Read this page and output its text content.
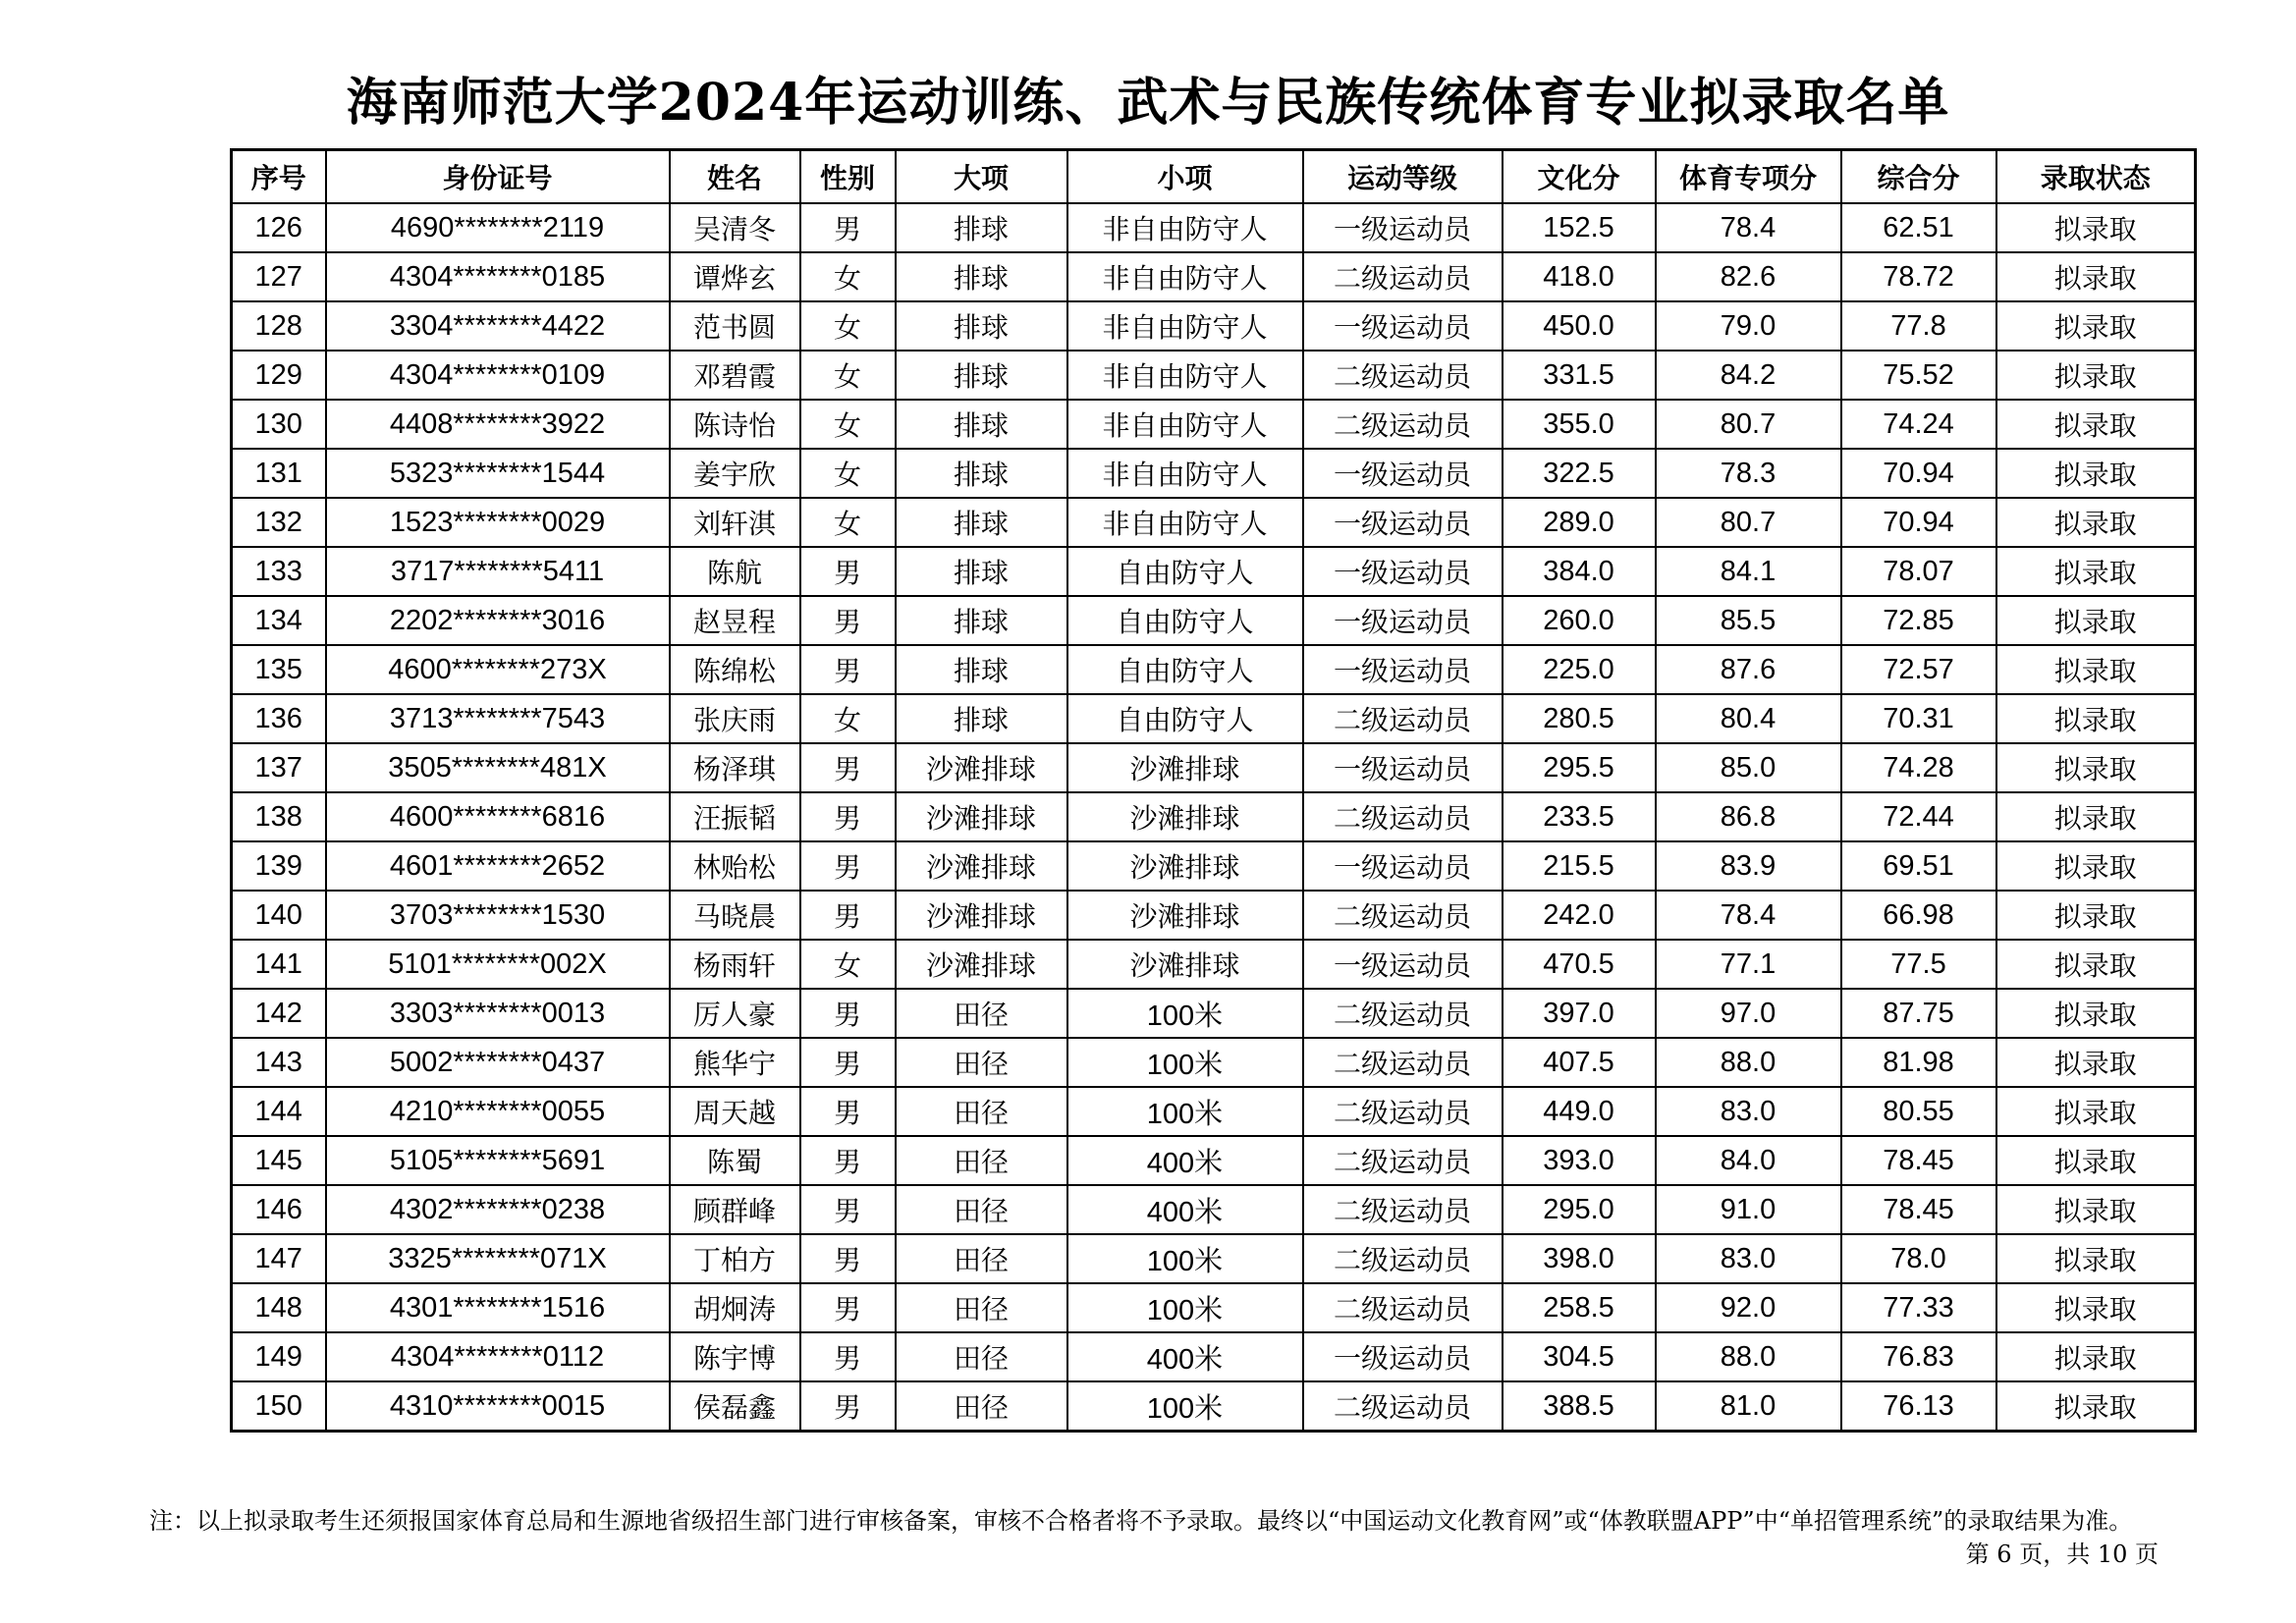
海南师范大学2024年运动训练、武术与民族传统体育专业拟录取名单
序号	身份证号	姓名	性别	大项	小项	运动等级	文化分	体育专项分	综合分	录取状态
126	4690********2119	吴清冬	男	排球	非自由防守人	一级运动员	152.5	78.4	62.51	拟录取
127	4304********0185	谭烨玄	女	排球	非自由防守人	二级运动员	418.0	82.6	78.72	拟录取
128	3304********4422	范书圆	女	排球	非自由防守人	一级运动员	450.0	79.0	77.8	拟录取
129	4304********0109	邓碧霞	女	排球	非自由防守人	二级运动员	331.5	84.2	75.52	拟录取
130	4408********3922	陈诗怡	女	排球	非自由防守人	二级运动员	355.0	80.7	74.24	拟录取
131	5323********1544	姜宇欣	女	排球	非自由防守人	一级运动员	322.5	78.3	70.94	拟录取
132	1523********0029	刘轩淇	女	排球	非自由防守人	一级运动员	289.0	80.7	70.94	拟录取
133	3717********5411	陈航	男	排球	自由防守人	一级运动员	384.0	84.1	78.07	拟录取
134	2202********3016	赵昱程	男	排球	自由防守人	一级运动员	260.0	85.5	72.85	拟录取
135	4600********273X	陈绵松	男	排球	自由防守人	一级运动员	225.0	87.6	72.57	拟录取
136	3713********7543	张庆雨	女	排球	自由防守人	二级运动员	280.5	80.4	70.31	拟录取
137	3505********481X	杨泽琪	男	沙滩排球	沙滩排球	一级运动员	295.5	85.0	74.28	拟录取
138	4600********6816	汪振韬	男	沙滩排球	沙滩排球	二级运动员	233.5	86.8	72.44	拟录取
139	4601********2652	林贻松	男	沙滩排球	沙滩排球	一级运动员	215.5	83.9	69.51	拟录取
140	3703********1530	马晓晨	男	沙滩排球	沙滩排球	二级运动员	242.0	78.4	66.98	拟录取
141	5101********002X	杨雨轩	女	沙滩排球	沙滩排球	一级运动员	470.5	77.1	77.5	拟录取
142	3303********0013	厉人豪	男	田径	100米	二级运动员	397.0	97.0	87.75	拟录取
143	5002********0437	熊华宁	男	田径	100米	二级运动员	407.5	88.0	81.98	拟录取
144	4210********0055	周天越	男	田径	100米	二级运动员	449.0	83.0	80.55	拟录取
145	5105********5691	陈蜀	男	田径	400米	二级运动员	393.0	84.0	78.45	拟录取
146	4302********0238	顾群峰	男	田径	400米	二级运动员	295.0	91.0	78.45	拟录取
147	3325********071X	丁柏方	男	田径	100米	二级运动员	398.0	83.0	78.0	拟录取
148	4301********1516	胡炯涛	男	田径	100米	二级运动员	258.5	92.0	77.33	拟录取
149	4304********0112	陈宇博	男	田径	400米	一级运动员	304.5	88.0	76.83	拟录取
150	4310********0015	侯磊鑫	男	田径	100米	二级运动员	388.5	81.0	76.13	拟录取
注：以上拟录取考生还须报国家体育总局和生源地省级招生部门进行审核备案，审核不合格者将不予录取。最终以“中国运动文化教育网”或“体教联盟APP”中“单招管理系统”的录取结果为准。
第 6 页，共 10 页
